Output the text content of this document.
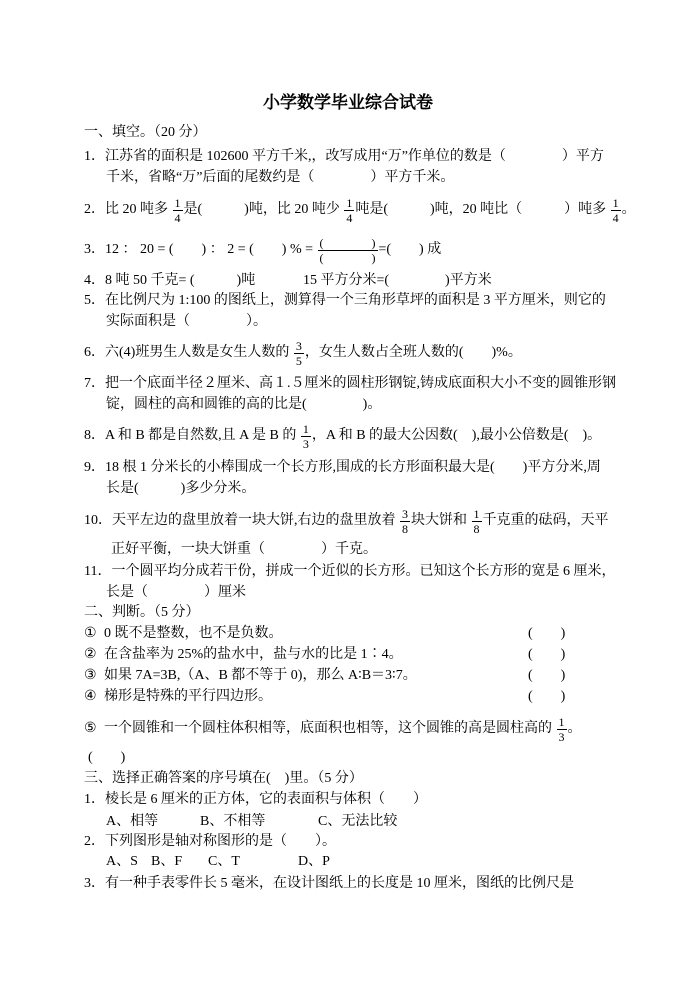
小学数学毕业综合试卷
一、填空。（20 分）
1．江苏省的面积是 102600 平方千米,，改写成用“万”作单位的数是（　　　　）平方
千米，省略“万”后面的尾数约是（　　　　）平方千米。
2．比 20 吨多 $\frac{1}{4}$ 是(　　　)吨，比 20 吨少 $\frac{1}{4}$ 吨是(　　　)吨，20 吨比（　　　）吨多 $\frac{1}{4}$ 。
3．12 ： 20 = (　　) ： 2 = (　　) % = $\frac{( )}{( )}$ =(　　) 成
4．8 吨 50 千克= (　　　)吨	15 平方分米=(　　　　)平方米
5．在比例尺为 1:100 的图纸上，测算得一个三角形草坪的面积是 3 平方厘米，则它的
实际面积是（　　　　）。
6．六(4)班男生人数是女生人数的 $\frac{3}{5}$ ，女生人数占全班人数的(　　)%。
7．把一个底面半径２厘米、高１.５厘米的圆柱形钢锭,铸成底面积大小不变的圆锥形钢
锭，圆柱的高和圆锥的高的比是(　　　　)。
8．A 和 B 都是自然数,且 A 是 B 的 $\frac{1}{3}$ ，A 和 B 的最大公因数(　),最小公倍数是(　)。
9．18 根 1 分米长的小棒围成一个长方形,围成的长方形面积最大是(　　)平方分米,周
长是(　　　)多少分米。
10．天平左边的盘里放着一块大饼,右边的盘里放着 $\frac{3}{8}$ 块大饼和 $\frac{1}{8}$ 千克重的砝码，天平
正好平衡，一块大饼重（　　　　）千克。
11．一个圆平均分成若干份，拼成一个近似的长方形。已知这个长方形的宽是 6 厘米，
长是（　　　　）厘米
二、判断。（5 分）
① 0 既不是整数，也不是负数。	(　　)
② 在含盐率为 25%的盐水中，盐与水的比是 1∶4。	(　　)
③ 如果 7A=3B,（A、B 都不等于 0)，那么 A∶B＝3∶7。	(　　)
④ 梯形是特殊的平行四边形。	(　　)
⑤ 一个圆锥和一个圆柱体积相等，底面积也相等，这个圆锥的高是圆柱高的 $\frac{1}{3}$ 。
(　　)
三、选择正确答案的序号填在(　)里。（5 分）
1．棱长是 6 厘米的正方体，它的表面积与体积（　　）
A、相等	B、不相等	C、无法比较
2．下列图形是轴对称图形的是（　　）。
A、S B、F C、T	D、P
3．有一种手表零件长 5 毫米，在设计图纸上的长度是 10 厘米，图纸的比例尺是
